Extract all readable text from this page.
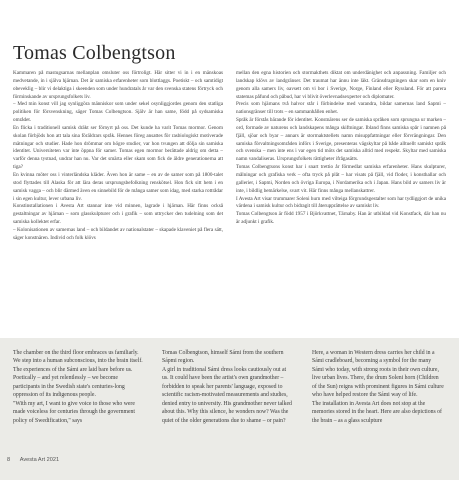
Tomas Colbengtson

Kammaren på mastugsarnas mellanplan omsluter oss förtroligt. Här sitter vi in i en mänskoas medvetande, in i själva hjärnan. Det är samiska erfarenheter som blottlaggs. Poetiskt – och samtidigt obeveklig – blir vi delaktiga i skeenden som under hundratals år var den svenska statens förtryck och förminskande av ursprungsfolkets liv.

– Med min konst vill jag synliggöra människor som under sekel osynliggjordes genom den statliga politiken för försvenskning, säger Tomas Colbengtson. Själv är han same, född på sydsamiska området.

En flicka i traditionell samisk dräkt ser förnyrt på oss. Det kunde ha varit Tomas mormor. Genom skolan förbjöds hon att tala sina föräldrars språk. Hennes föreg ansattes för rasbiologiskt motiverade mätningar och studier. Hade hon drömmar om högre studier, var hon tvungen att dölja sin samiska identitet. Universiteten var inte öppna för samer. Tomas egen mormor berättade aldrig om detta – varför denna tystnad, undrar han nu. Var det smärta eller skam som fick de äldre generationerna att tiga?

En kvinna möter oss i vinterländska kläder. Även hon är same – en av de samer som på 1800-talet stod flyttades till Alaska för att lära deras ursprungsbefolkning renskötsel. Hon fick sitt hem i en samisk vagga – och blir därmed även en sinnebild för de många samer som idag, med starka rottrådar i sin egen kultur, lever urbana liv.

Konstinstallationen i Avesta Art stannar inte vid minnen, lagrade i hjärnan. Här finns också gestaltningar av hjärnan – som glasskulpturer och i grafik – som uttrycker den tudelning som det samiska kollektet erfar.

– Kolonisationen av samernas land – och bildandet av nationalstater – skapade klaveniet på flera sätt, säger konstnären. Individ och folk klövs

mellan den egna historien och stormakthets diktat om underdänighet och anpassning. Familjer och landskap klövs av landgränser. Det traumat har ännu inte läkt. Gränsdragningen skar som en kniv genom alla samers liv, oavsett om vi bor i Sverige, Norge, Finland eller Ryssland. För att parera statemas påfund och påbud, har vi blivit överlevnadsexperter och diplomater.

Precis som hjärnans två halvor står i förbindelse med varandra, bildar samernas land Sapmi – nationsgränser till trots – en sammanhållen enhet.

Språk är förstås bärande för identitet. Konstnärens ser de samiska språken som sprungna ur marken – ord, formade av naturens och landskapens många skiftningar. Ibland finns samiska spår i namnen på fjäll, sjöar och byar – annars är stormaktstellets namn misuppfattningar eller förvrängningar. Den samiska förvaltningsområden införs i Sverige, presenteras vägskyltar på både alltuellt samiskt språk och svenska – men inte ens i var egen tid möts det samiska alltid med respekt. Skyltar med samiska namn vandaliseras. Ursprungsfolkets rättigheter ifrågasätts.

Tomas Colbengtsons konst har i snart trettio år förmedlat samiska erfarenheter. Hans skulpturer, målningar och grafiska verk – ofta tryck på plåt – har visats på fjäll, vid floder, i konsthallar och gallerier, i Sapmi, Norden och övriga Europa, i Nordamerika och i Japan. Hans bild av samers liv är inte, i bildlig bemärkelse, svart vit. Här finns många mellanskattrer.

I Avesta Art visar trummarer Soleni hurn med vilteiga förgrundsgestalter som har tydliggjort de unika värdena i samisk kultur och bidragit till återupprättelse av samiskt liv.

Tomas Colbengtson är född 1957 i Björkvattnet, Tärnaby. Han är utbildad vid Konstfack, där han nu är adjunkt i grafik.

The chamber on the third floor embraces us familiarly. We step into a human subconscious, into the brain itself. The experiences of the Sámi are laid bare before us. Poetically – and yet relentlessly – we become participants in the Swedish state's centuries-long oppression of its indigenous people.

"With my art, I want to give voice to those who were made voiceless for centuries through the government policy of Swedification," says

Tomas Colbengtson, himself Sámi from the southern Sápmi region.

A girl in traditional Sámi dress looks cautiously out at us. It could have been the artist's own grandmother – forbidden to speak her parents' language, exposed to scientific racism-motivated measurements and studies, denied entry to university. His grandmother never talked about this. Why this silence, he wonders now? Was the quiet of the older generations due to shame – or pain?

Here, a woman in Western dress carries her child in a Sámi cradleboard, becoming a symbol for the many Sámi who today, with strong roots in their own culture, live urban lives. There, the drum Soleni horn (Children of the Sun) reigns with prominent figures in Sámi culture who have helped restore the Sámi way of life.

The installation in Avesta Art does not stop at the memories stored in the heart. Here are also depictions of the brain – as a glass sculpture

8 Avesta Art 2021
